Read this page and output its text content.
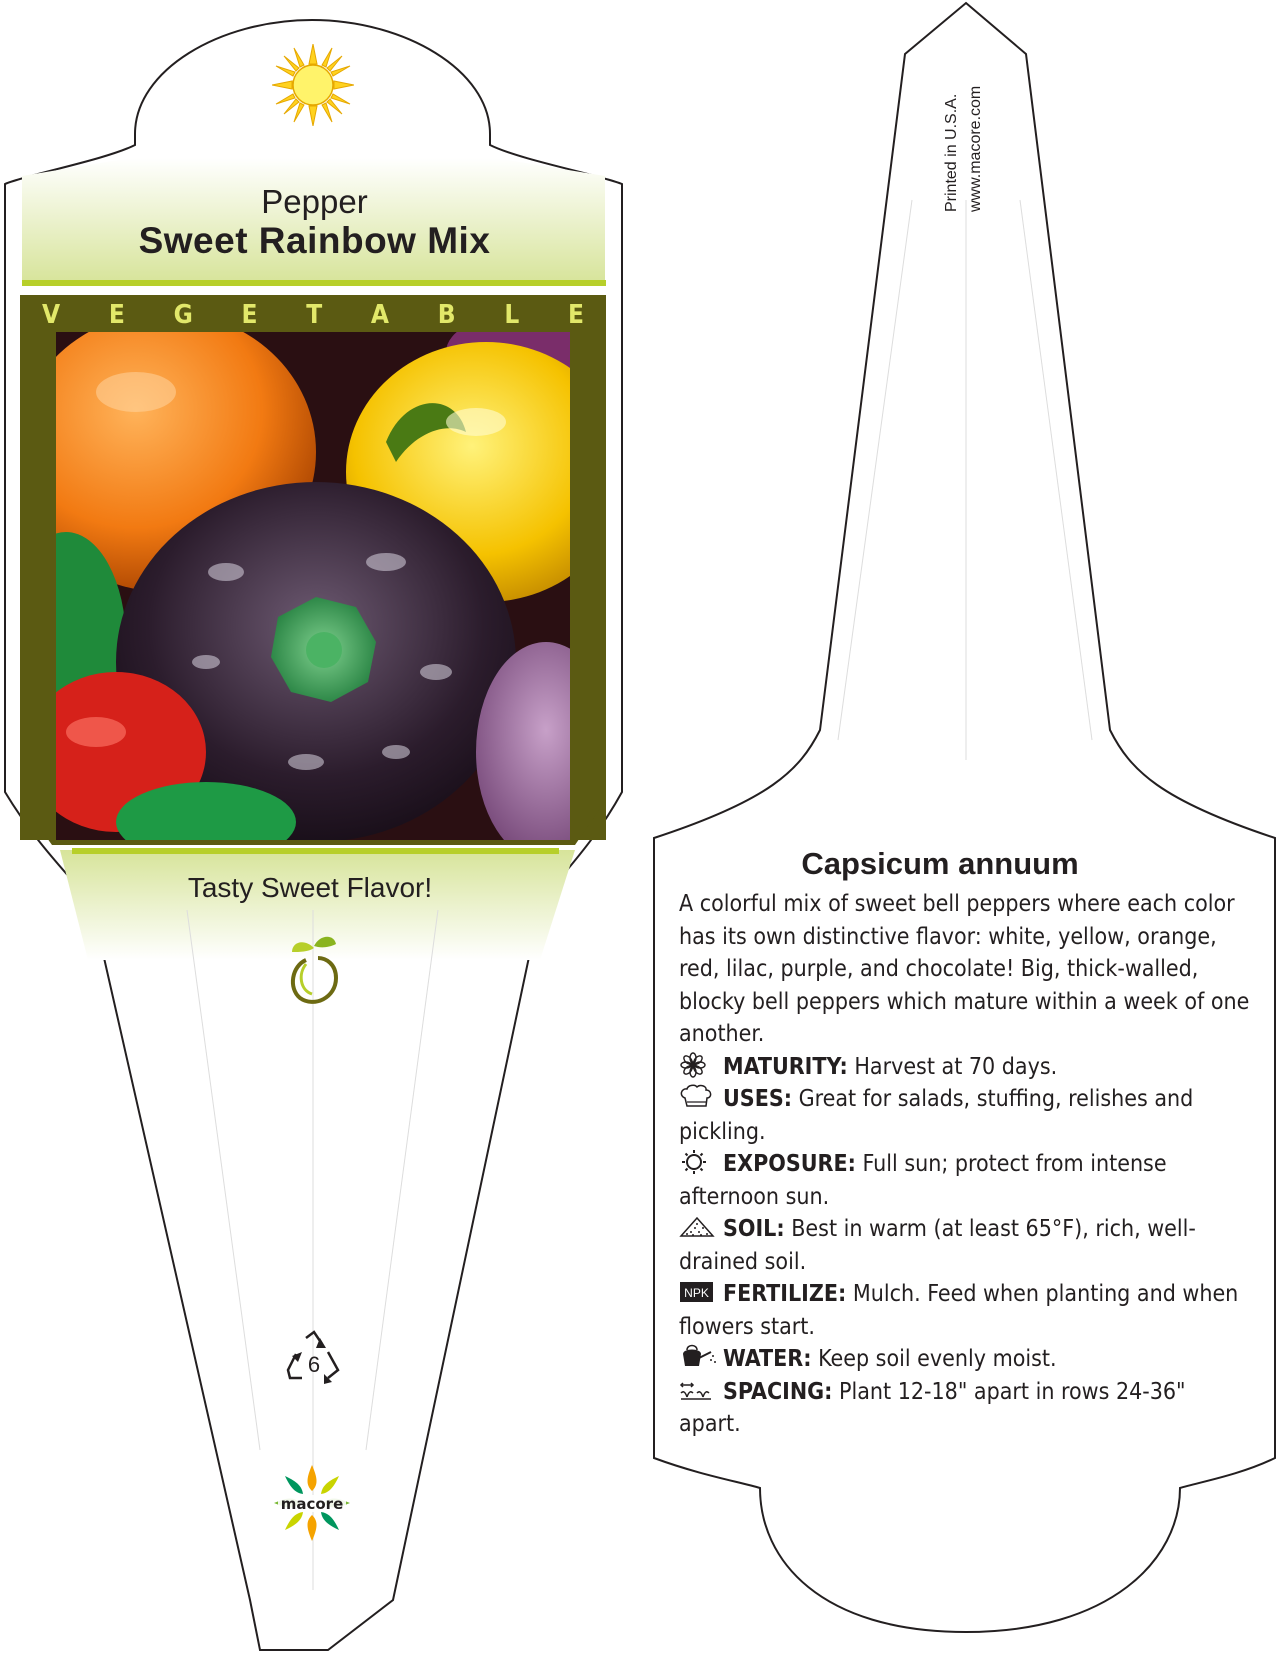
Pepper
Sweet Rainbow Mix
V E G E T A B L E
Tasty Sweet Flavor!
6
macore
Printed in U.S.A. www.macore.com
Capsicum annuum

A colorful mix of sweet bell peppers where each color has its own distinctive flavor: white, yellow, orange, red, lilac, purple, and chocolate! Big, thick-walled, blocky bell peppers which mature within a week of one another.

MATURITY: Harvest at 70 days.

USES: Great for salads, stuffing, relishes and pickling.

EXPOSURE: Full sun; protect from intense afternoon sun.

SOIL: Best in warm (at least 65°F), rich, well-drained soil.

NPK FERTILIZE: Mulch. Feed when planting and when flowers start.

WATER: Keep soil evenly moist.

SPACING: Plant 12-18" apart in rows 24-36" apart.
